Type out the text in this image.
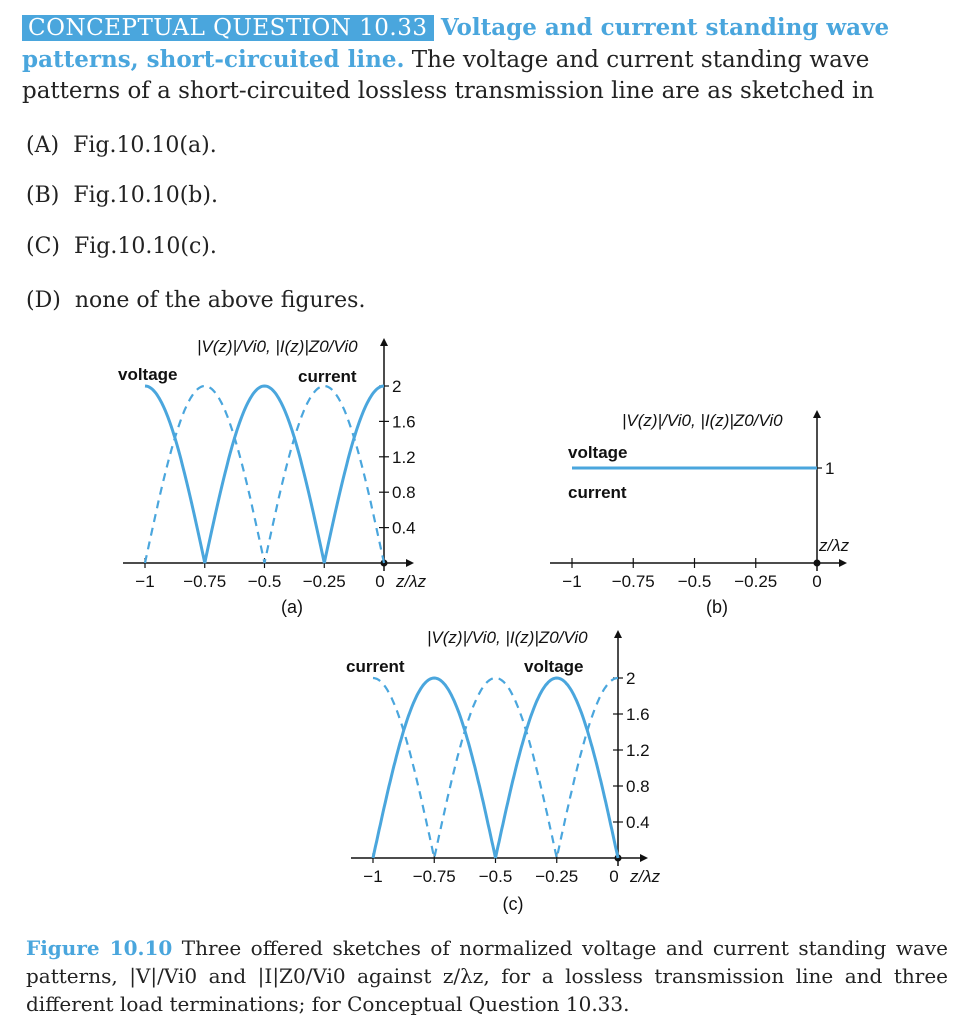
CONCEPTUAL QUESTION 10.33 Voltage and current standing wave patterns, short-circuited line. The voltage and current standing wave patterns of a short-circuited lossless transmission line are as sketched in
(A) Fig.10.10(a).
(B) Fig.10.10(b).
(C) Fig.10.10(c).
(D) none of the above figures.
−1 −0.75 −0.5 −0.25 0 z/λz
0.4
0.8
1.2
1.6
2
|V(z)|/Vi0, |I(z)|Z0/Vi0
(a)
voltage	current
−1 −0.75 −0.5 −0.25 0
z/λz
1
|V(z)|/Vi0, |I(z)|Z0/Vi0
(b)
voltage
current
−1 −0.75 −0.5 −0.25 0 z/λz
0.4
0.8
1.2
1.6
2
|V(z)|/Vi0, |I(z)|Z0/Vi0
(c)
voltage
current
Figure 10.10 Three offered sketches of normalized voltage and current standing wave patterns, |V|/Vi0 and |I|Z0/Vi0 against z/λz, for a lossless transmission line and three different load terminations; for Conceptual Question 10.33.
